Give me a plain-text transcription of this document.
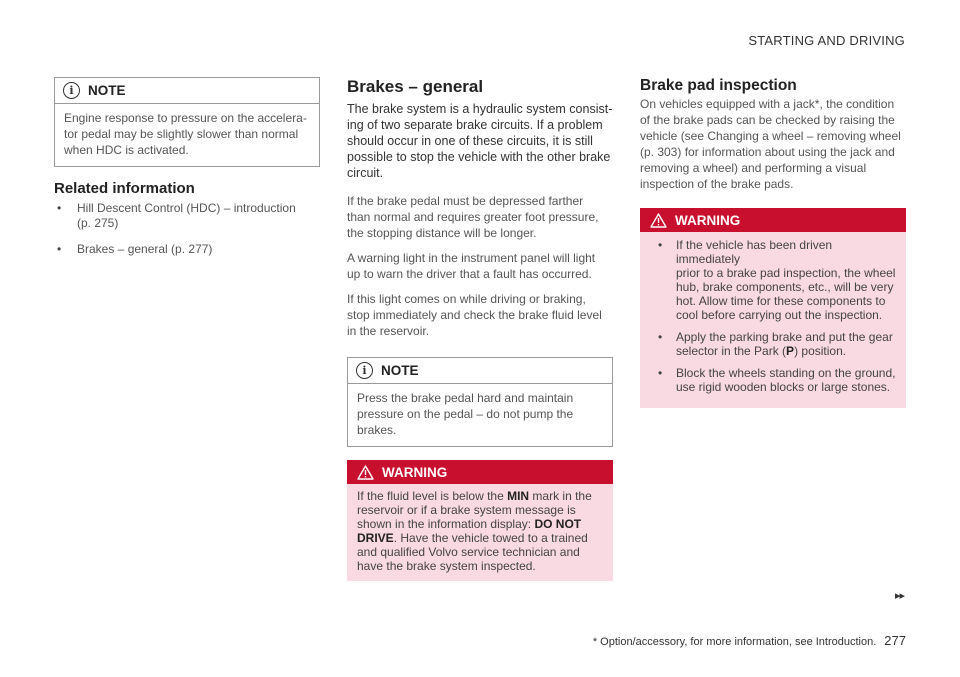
STARTING AND DRIVING
i	NOTE
Engine response to pressure on the accelera-
tor pedal may be slightly slower than normal
when HDC is activated.
Related information
• Hill Descent Control (HDC) – introduction
(p. 275)
• Brakes – general (p. 277)
Brakes – general

The brake system is a hydraulic system consist-
ing of two separate brake circuits. If a problem
should occur in one of these circuits, it is still
possible to stop the vehicle with the other brake
circuit.

If the brake pedal must be depressed farther
than normal and requires greater foot pressure,
the stopping distance will be longer.

A warning light in the instrument panel will light
up to warn the driver that a fault has occurred.

If this light comes on while driving or braking,
stop immediately and check the brake fluid level
in the reservoir.

i	NOTE
Press the brake pedal hard and maintain
pressure on the pedal – do not pump the
brakes.
WARNING
If the fluid level is below the MIN mark in the
reservoir or if a brake system message is
shown in the information display: DO NOT
DRIVE. Have the vehicle towed to a trained
and qualified Volvo service technician and
have the brake system inspected.
Brake pad inspection

On vehicles equipped with a jack*, the condition
of the brake pads can be checked by raising the
vehicle (see Changing a wheel – removing wheel
(p. 303) for information about using the jack and
removing a wheel) and performing a visual
inspection of the brake pads.

WARNING
• If the vehicle has been driven immediately
prior to a brake pad inspection, the wheel
hub, brake components, etc., will be very
hot. Allow time for these components to
cool before carrying out the inspection.
• Apply the parking brake and put the gear
selector in the Park (P) position.
• Block the wheels standing on the ground,
use rigid wooden blocks or large stones.
▸▸
* Option/accessory, for more information, see Introduction. 277
